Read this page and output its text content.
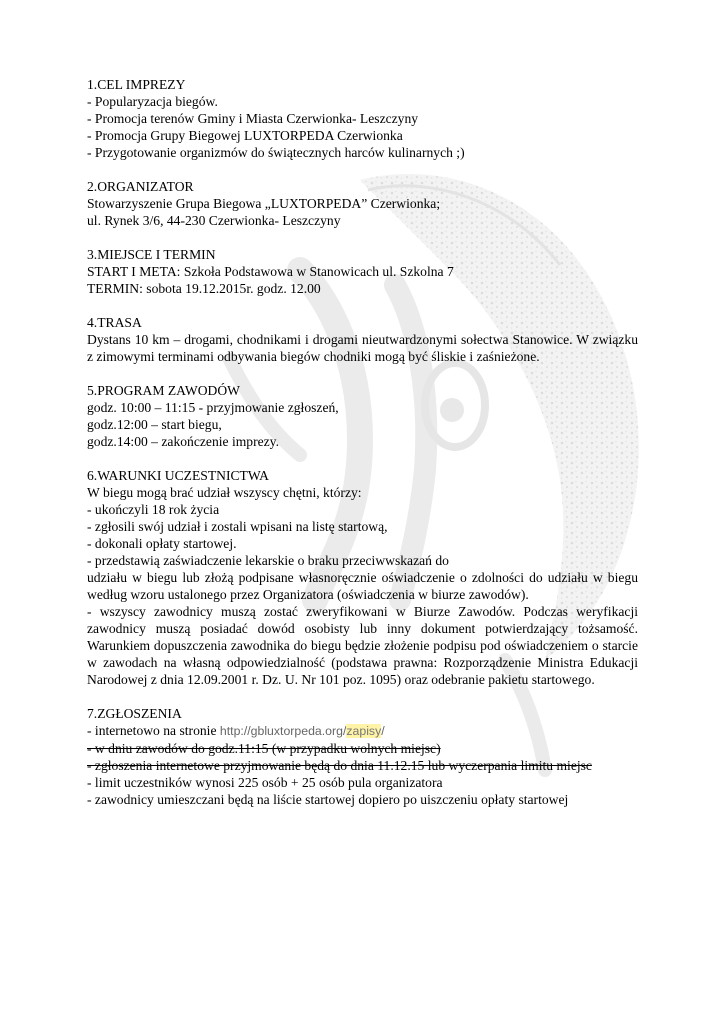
1.CEL IMPREZY

- Popularyzacja biegów.

- Promocja terenów Gminy i Miasta Czerwionka- Leszczyny

- Promocja Grupy Biegowej LUXTORPEDA Czerwionka

- Przygotowanie organizmów do świątecznych harców kulinarnych ;)

2.ORGANIZATOR

Stowarzyszenie Grupa Biegowa „LUXTORPEDA” Czerwionka;

ul. Rynek 3/6, 44-230 Czerwionka- Leszczyny

3.MIEJSCE I TERMIN

START I META: Szkoła Podstawowa w Stanowicach ul. Szkolna 7

TERMIN: sobota 19.12.2015r. godz. 12.00

4.TRASA

Dystans 10 km – drogami, chodnikami i drogami nieutwardzonymi sołectwa Stanowice. W związku z zimowymi terminami odbywania biegów chodniki mogą być śliskie i zaśnieżone.

5.PROGRAM ZAWODÓW

godz. 10:00 – 11:15 - przyjmowanie zgłoszeń,

godz.12:00 – start biegu,

godz.14:00 – zakończenie imprezy.

6.WARUNKI UCZESTNICTWA

W biegu mogą brać udział wszyscy chętni, którzy:

- ukończyli 18 rok życia

- zgłosili swój udział i zostali wpisani na listę startową,

- dokonali opłaty startowej.

- przedstawią zaświadczenie lekarskie o braku przeciwwskazań do

udziału w biegu lub złożą podpisane własnoręcznie oświadczenie o zdolności do udziału w biegu według wzoru ustalonego przez Organizatora (oświadczenia w biurze zawodów).

- wszyscy zawodnicy muszą zostać zweryfikowani w Biurze Zawodów. Podczas weryfikacji zawodnicy muszą posiadać dowód osobisty lub inny dokument potwierdzający tożsamość. Warunkiem dopuszczenia zawodnika do biegu będzie złożenie podpisu pod oświadczeniem o starcie w zawodach na własną odpowiedzialność (podstawa prawna: Rozporządzenie Ministra Edukacji Narodowej z dnia 12.09.2001 r. Dz. U. Nr 101 poz. 1095) oraz odebranie pakietu startowego.

7.ZGŁOSZENIA

- internetowo na stronie http://gbluxtorpeda.org/zapisy/

- w dniu zawodów do godz.11:15 (w przypadku wolnych miejsc)

- zgłoszenia internetowe przyjmowanie będą do dnia 11.12.15 lub wyczerpania limitu miejsc

- limit uczestników wynosi 225 osób + 25 osób pula organizatora

- zawodnicy umieszczani będą na liście startowej dopiero po uiszczeniu opłaty startowej
